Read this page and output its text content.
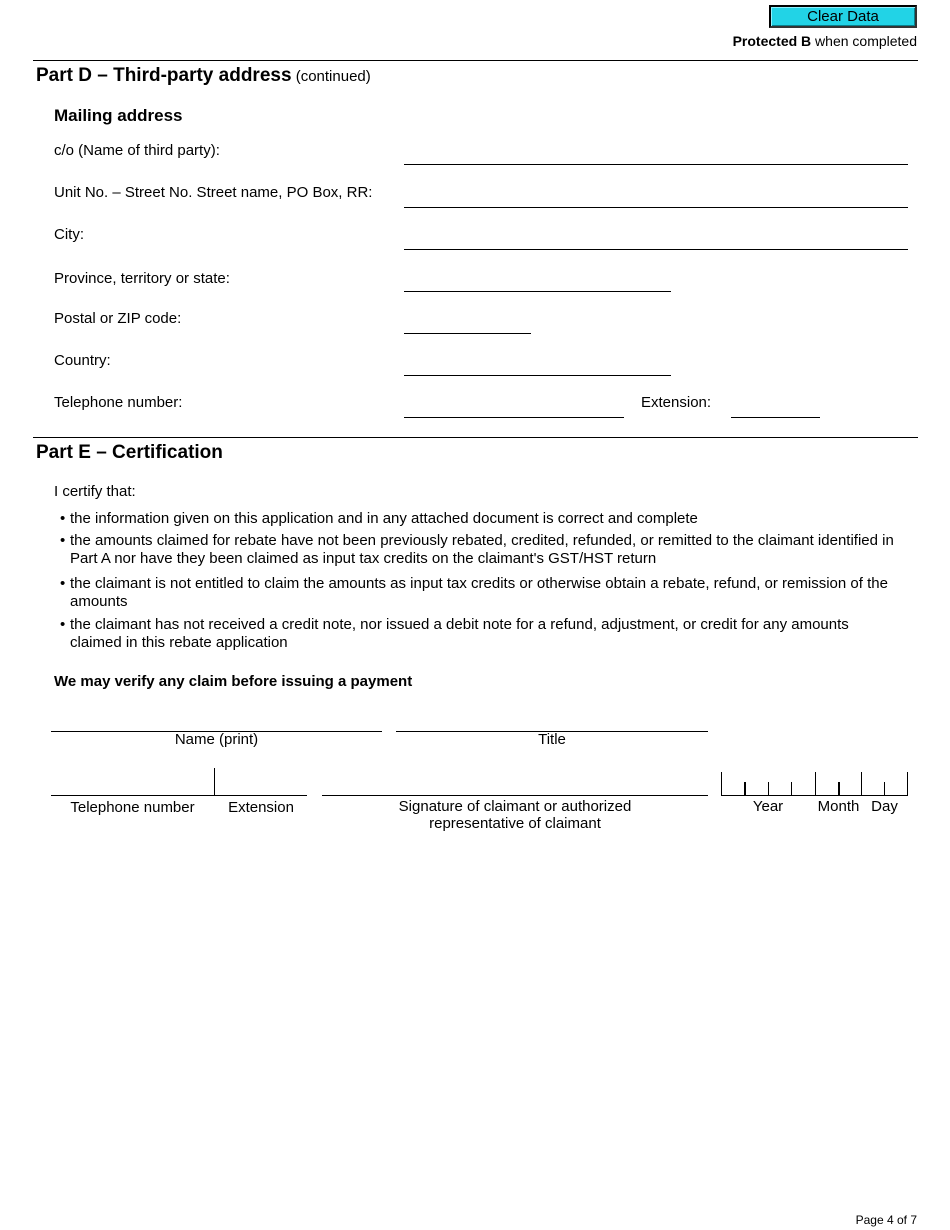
Clear Data
Protected B when completed
Part D – Third-party address (continued)
Mailing address
c/o (Name of third party):
Unit No. – Street No. Street name, PO Box, RR:
City:
Province, territory or state:
Postal or ZIP code:
Country:
Telephone number:	Extension:
Part E – Certification
I certify that:
• the information given on this application and in any attached document is correct and complete
• the amounts claimed for rebate have not been previously rebated, credited, refunded, or remitted to the claimant identified in Part A nor have they been claimed as input tax credits on the claimant's GST/HST return
• the claimant is not entitled to claim the amounts as input tax credits or otherwise obtain a rebate, refund, or remission of the amounts
• the claimant has not received a credit note, nor issued a debit note for a refund, adjustment, or credit for any amounts claimed in this rebate application
We may verify any claim before issuing a payment
Name (print)	Title
Telephone number	Extension	Signature of claimant or authorized
representative of claimant
Year	Month Day
Page 4 of 7
